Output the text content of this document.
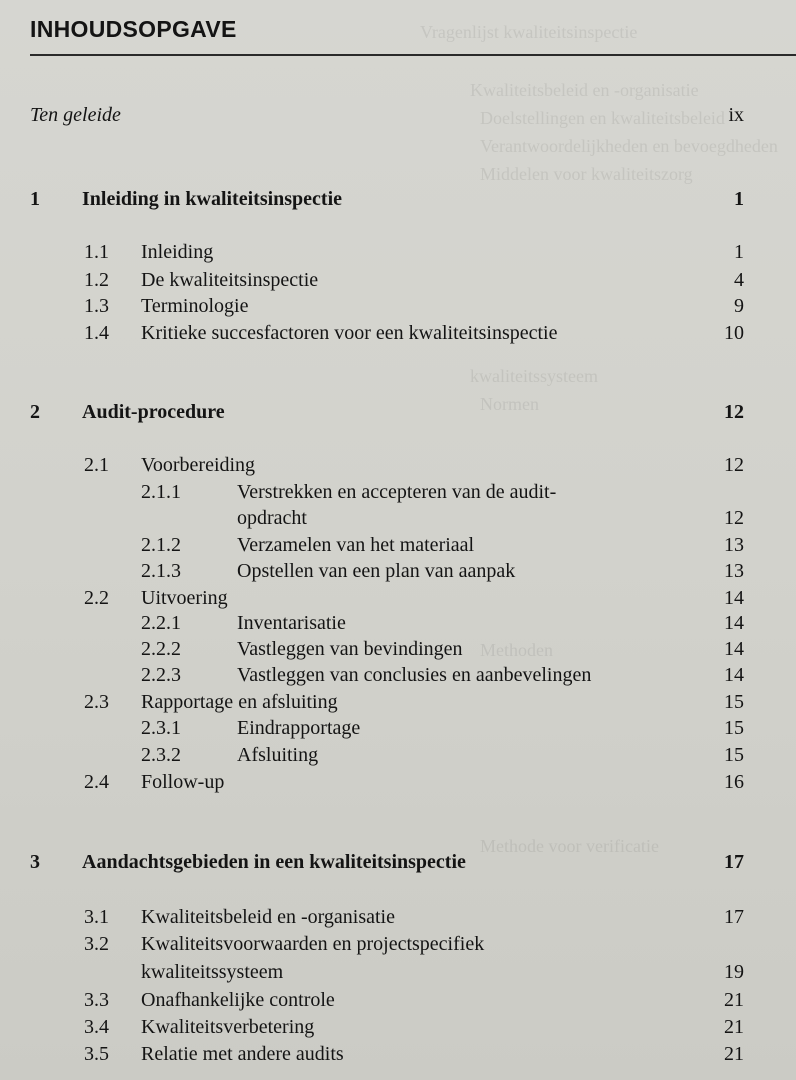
Vragenlijst kwaliteitsinspectie
Kwaliteitsbeleid en -organisatie
Doelstellingen en kwaliteitsbeleid
Verantwoordelijkheden en bevoegdheden
Middelen voor kwaliteitszorg
kwaliteitssysteem
Normen
Methoden
Methode voor verificatie
INHOUDSOPGAVE
Ten geleide	ix
1 Inleiding in kwaliteitsinspectie	1
1.1 Inleiding	1
1.2 De kwaliteitsinspectie	4
1.3 Terminologie	9
1.4 Kritieke succesfactoren voor een kwaliteitsinspectie	10
2 Audit-procedure	12
2.1 Voorbereiding	12
2.1.1	Verstrekken en accepteren van de audit-
opdracht	12
2.1.2	Verzamelen van het materiaal	13
2.1.3	Opstellen van een plan van aanpak	13
2.2 Uitvoering	14
2.2.1	Inventarisatie	14
2.2.2	Vastleggen van bevindingen	14
2.2.3	Vastleggen van conclusies en aanbevelingen	14
2.3 Rapportage en afsluiting	15
2.3.1	Eindrapportage	15
2.3.2	Afsluiting	15
2.4 Follow-up	16
3 Aandachtsgebieden in een kwaliteitsinspectie	17
3.1 Kwaliteitsbeleid en -organisatie	17
3.2 Kwaliteitsvoorwaarden en projectspecifiek
kwaliteitssysteem	19
3.3 Onafhankelijke controle	21
3.4 Kwaliteitsverbetering	21
3.5 Relatie met andere audits	21
